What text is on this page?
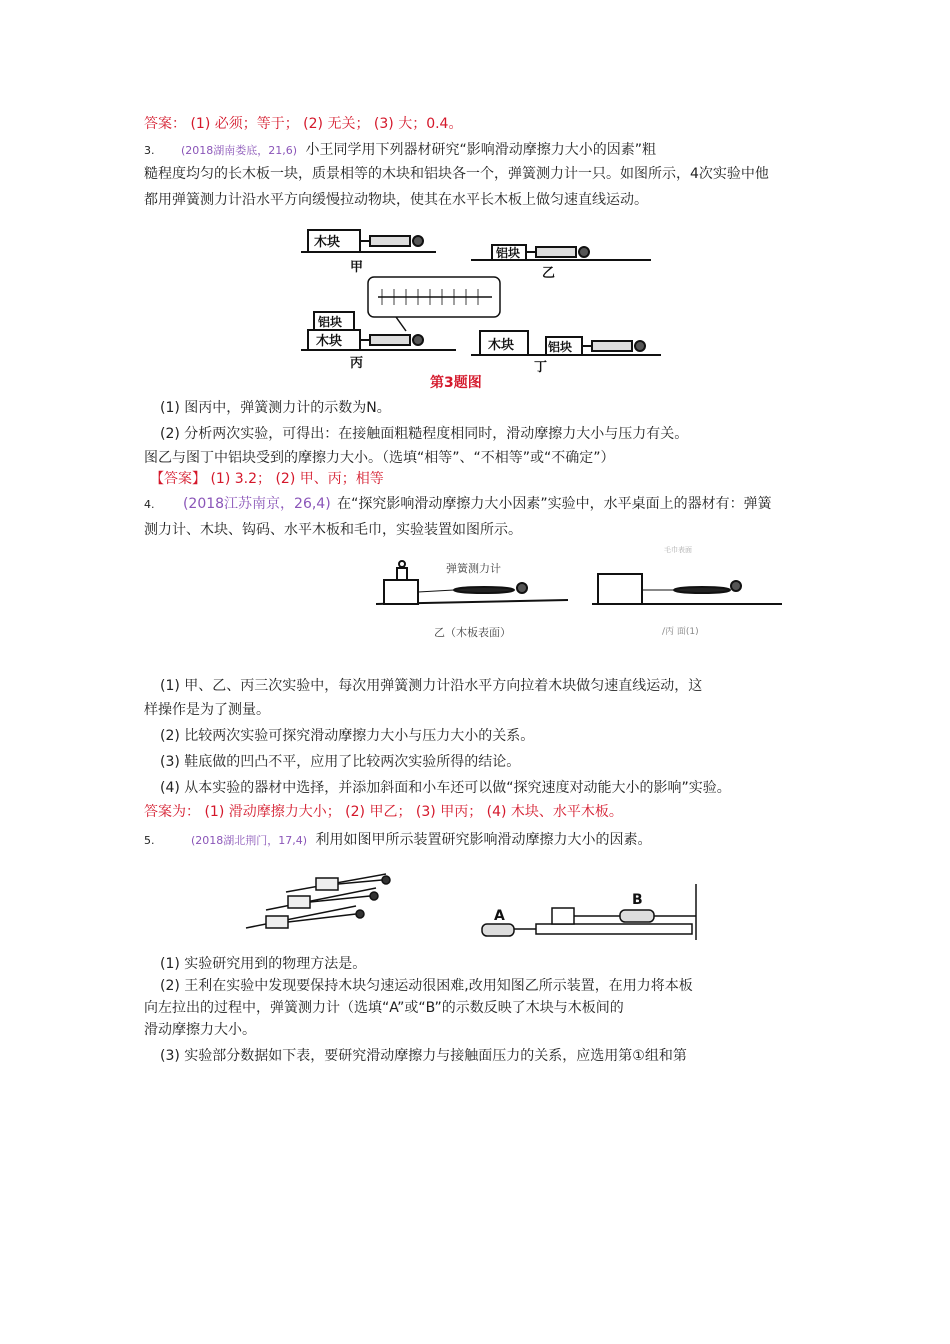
答案： (1) 必须；等于； (2) 无关； (3) 大；0.4。
3. (2018湖南娄底，21,6) 小王同学用下列器材研究“影响滑动摩擦力大小的因素”粗
糙程度均匀的长木板一块，质景相等的木块和铝块各一个，弹簧测力计一只。如图所示，4次实验中他
都用弹簧测力计沿水平方向缓慢拉动物块，使其在水平长木板上做匀速直线运动。
木块
铝块
甲	乙
铝块
木块
丙
木块	铝块
丁
第3题图
(1) 图丙中，弹簧测力计的示数为N。
(2) 分析两次实验，可得出：在接触面粗糙程度相同时，滑动摩擦力大小与压力有关。
图乙与图丁中铝块受到的摩擦力大小。（选填“相等”、“不相等”或“不确定”）
【答案】 (1) 3.2； (2) 甲、丙；相等
4. (2018江苏南京，26,4) 在“探究影响滑动摩擦力大小因素”实验中，水平桌面上的器材有：弹簧
测力计、木块、钩码、水平木板和毛巾，实验装置如图所示。
弹簧测力计
乙（木板表面）	/丙 面(1)
毛巾表面
(1) 甲、乙、丙三次实验中，每次用弹簧测力计沿水平方向拉着木块做匀速直线运动，这
样操作是为了测量。
(2) 比较两次实验可探究滑动摩擦力大小与压力大小的关系。
(3) 鞋底做的凹凸不平，应用了比较两次实验所得的结论。
(4) 从本实验的器材中选择，并添加斜面和小车还可以做“探究速度对动能大小的影响”实验。
答案为： (1) 滑动摩擦力大小； (2) 甲乙； (3) 甲丙； (4) 木块、水平木板。
5.	(2018湖北荆门，17,4) 利用如图甲所示装置研究影响滑动摩擦力大小的因素。
A
B
(1) 实验研究用到的物理方法是。
(2) 王利在实验中发现要保持木块匀速运动很困难,改用知图乙所示装置，在用力将本板
向左拉出的过程中，弹簧测力计（选填“A”或“B”的示数反映了木块与木板间的
滑动摩擦力大小。
(3) 实验部分数据如下表，要研究滑动摩擦力与接触面压力的关系，应选用第①组和第
